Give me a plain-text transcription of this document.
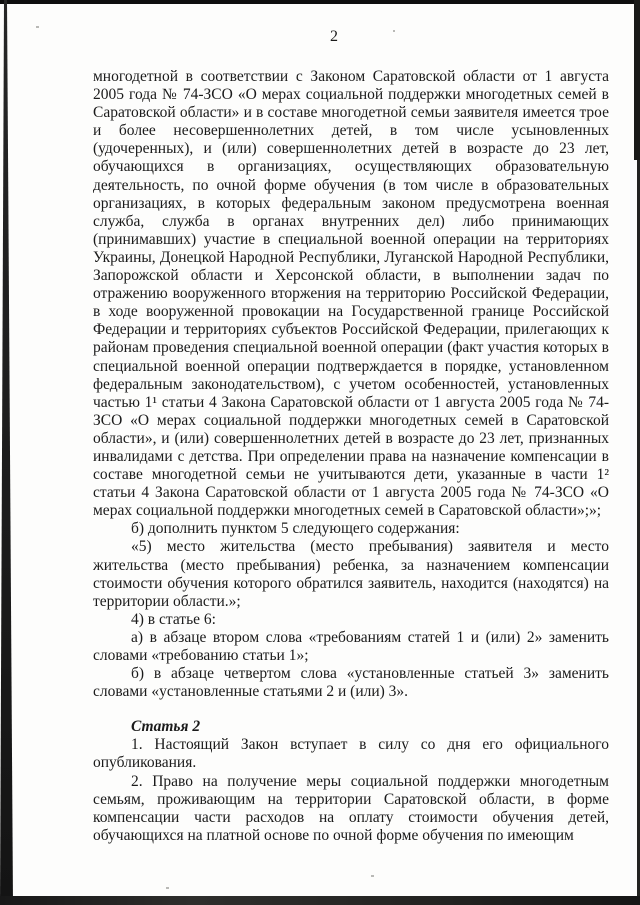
2

многодетной в соответствии с Законом Саратовской области от 1 августа 2005 года № 74-ЗСО «О мерах социальной поддержки многодетных семей в Саратовской области» и в составе многодетной семьи заявителя имеется трое и более несовершеннолетних детей, в том числе усыновленных (удочеренных), и (или) совершеннолетних детей в возрасте до 23 лет, обучающихся в организациях, осуществляющих образовательную деятельность, по очной форме обучения (в том числе в образовательных организациях, в которых федеральным законом предусмотрена военная служба, служба в органах внутренних дел) либо принимающих (принимавших) участие в специальной военной операции на территориях Украины, Донецкой Народной Республики, Луганской Народной Республики, Запорожской области и Херсонской области, в выполнении задач по отражению вооруженного вторжения на территорию Российской Федерации, в ходе вооруженной провокации на Государственной границе Российской Федерации и территориях субъектов Российской Федерации, прилегающих к районам проведения специальной военной операции (факт участия которых в специальной военной операции подтверждается в порядке, установленном федеральным законодательством), с учетом особенностей, установленных частью 1¹ статьи 4 Закона Саратовской области от 1 августа 2005 года № 74-ЗСО «О мерах социальной поддержки многодетных семей в Саратовской области», и (или) совершеннолетних детей в возрасте до 23 лет, признанных инвалидами с детства. При определении права на назначение компенсации в составе многодетной семьи не учитываются дети, указанные в части 1² статьи 4 Закона Саратовской области от 1 августа 2005 года № 74-ЗСО «О мерах социальной поддержки многодетных семей в Саратовской области»;»;

б) дополнить пунктом 5 следующего содержания:

«5) место жительства (место пребывания) заявителя и место жительства (место пребывания) ребенка, за назначением компенсации стоимости обучения которого обратился заявитель, находится (находятся) на территории области.»;

4) в статье 6:

а) в абзаце втором слова «требованиям статей 1 и (или) 2» заменить словами «требованию статьи 1»;

б) в абзаце четвертом слова «установленные статьей 3» заменить словами «установленные статьями 2 и (или) 3».

Статья 2

1. Настоящий Закон вступает в силу со дня его официального опубликования.

2. Право на получение меры социальной поддержки многодетным семьям, проживающим на территории Саратовской области, в форме компенсации части расходов на оплату стоимости обучения детей, обучающихся на платной основе по очной форме обучения по имеющим
